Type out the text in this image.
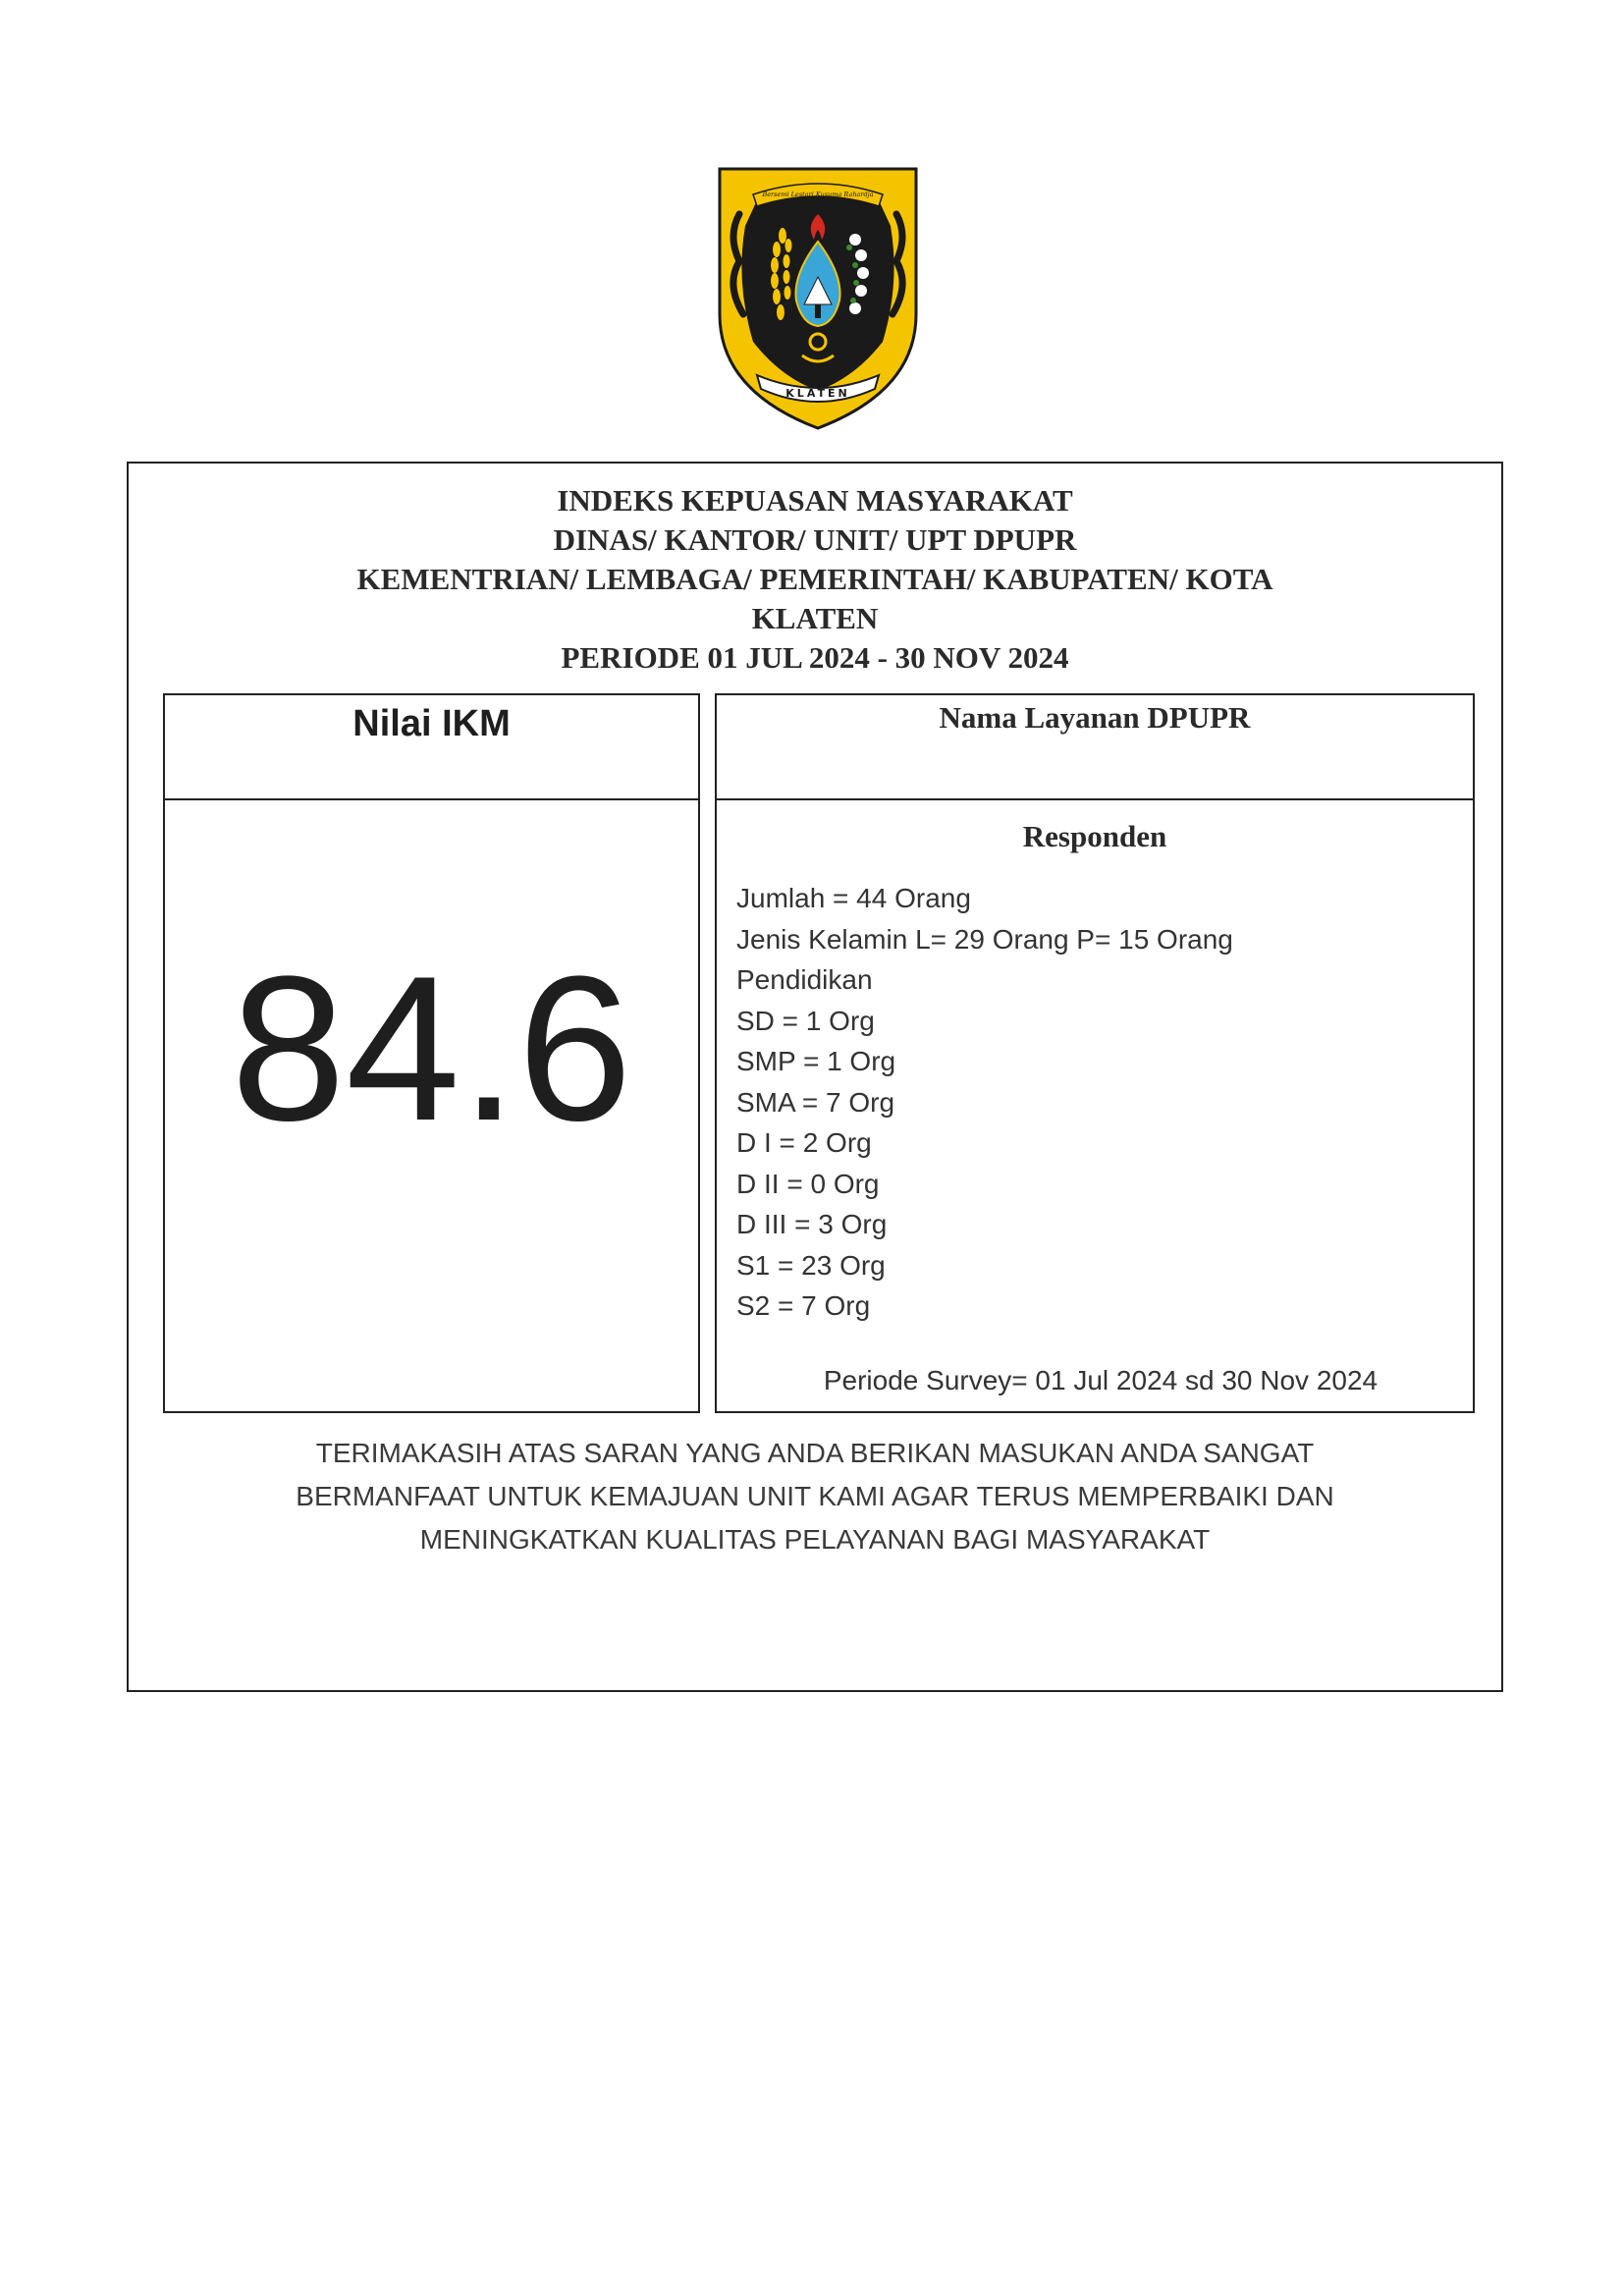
Bersemi Lestari Kusuma Rahardja
KLATEN
INDEKS KEPUASAN MASYARAKAT
DINAS/ KANTOR/ UNIT/ UPT DPUPR
KEMENTRIAN/ LEMBAGA/ PEMERINTAH/ KABUPATEN/ KOTA
KLATEN
PERIODE 01 JUL 2024 - 30 NOV 2024
Nilai IKM
84.6
Nama Layanan DPUPR
Responden
Jumlah = 44 Orang
Jenis Kelamin L= 29 Orang P= 15 Orang
Pendidikan
SD = 1 Org
SMP = 1 Org
SMA = 7 Org
D I = 2 Org
D II = 0 Org
D III = 3 Org
S1 = 23 Org
S2 = 7 Org
Periode Survey= 01 Jul 2024 sd 30 Nov 2024
TERIMAKASIH ATAS SARAN YANG ANDA BERIKAN MASUKAN ANDA SANGAT
BERMANFAAT UNTUK KEMAJUAN UNIT KAMI AGAR TERUS MEMPERBAIKI DAN
MENINGKATKAN KUALITAS PELAYANAN BAGI MASYARAKAT
